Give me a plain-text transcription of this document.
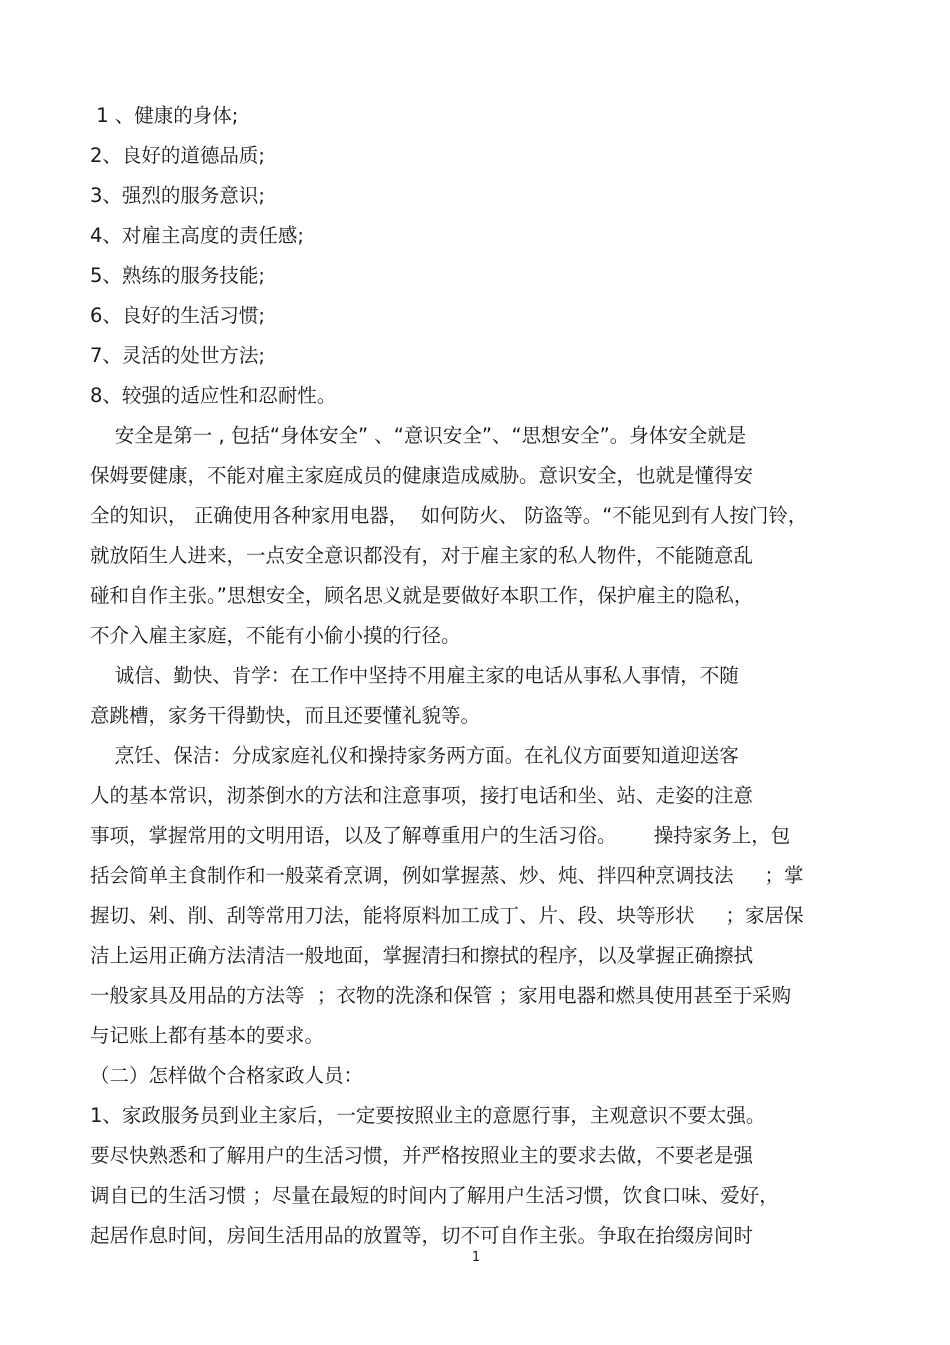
1 、健康的身体;
2、良好的道德品质;
3、强烈的服务意识;
4、对雇主高度的责任感;
5、熟练的服务技能;
6、良好的生活习惯;
7、灵活的处世方法;
8、较强的适应性和忍耐性。
安全是第一 , 包括“身体安全” 、“意识安全”、“思想安全”。身体安全就是
保姆要健康，不能对雇主家庭成员的健康造成威胁。意识安全，也就是懂得安
全的知识， 正确使用各种家用电器，  如何防火、 防盗等。“不能见到有人按门铃，
就放陌生人进来，一点安全意识都没有，对于雇主家的私人物件，不能随意乱
碰和自作主张。”思想安全，顾名思义就是要做好本职工作，保护雇主的隐私，
不介入雇主家庭，不能有小偷小摸的行径。
诚信、勤快、肯学：在工作中坚持不用雇主家的电话从事私人事情，不随
意跳槽，家务干得勤快，而且还要懂礼貌等。
烹饪、保洁：分成家庭礼仪和操持家务两方面。在礼仪方面要知道迎送客
人的基本常识，沏茶倒水的方法和注意事项，接打电话和坐、站、走姿的注意
事项，掌握常用的文明用语，以及了解尊重用户的生活习俗。      操持家务上，包
括会简单主食制作和一般菜肴烹调，例如掌握蒸、炒、炖、拌四种烹调技法     ；掌
握切、剁、削、刮等常用刀法，能将原料加工成丁、片、段、块等形状     ；家居保
洁上运用正确方法清洁一般地面，掌握清扫和擦拭的程序，以及掌握正确擦拭
一般家具及用品的方法等  ；衣物的洗涤和保管 ；家用电器和燃具使用甚至于采购
与记账上都有基本的要求。
（二）怎样做个合格家政人员：
1、家政服务员到业主家后，一定要按照业主的意愿行事，主观意识不要太强。
要尽快熟悉和了解用户的生活习惯，并严格按照业主的要求去做，不要老是强
调自已的生活习惯 ；尽量在最短的时间内了解用户生活习惯，饮食口味、爱好，
起居作息时间，房间生活用品的放置等，切不可自作主张。争取在抬缀房间时
1
